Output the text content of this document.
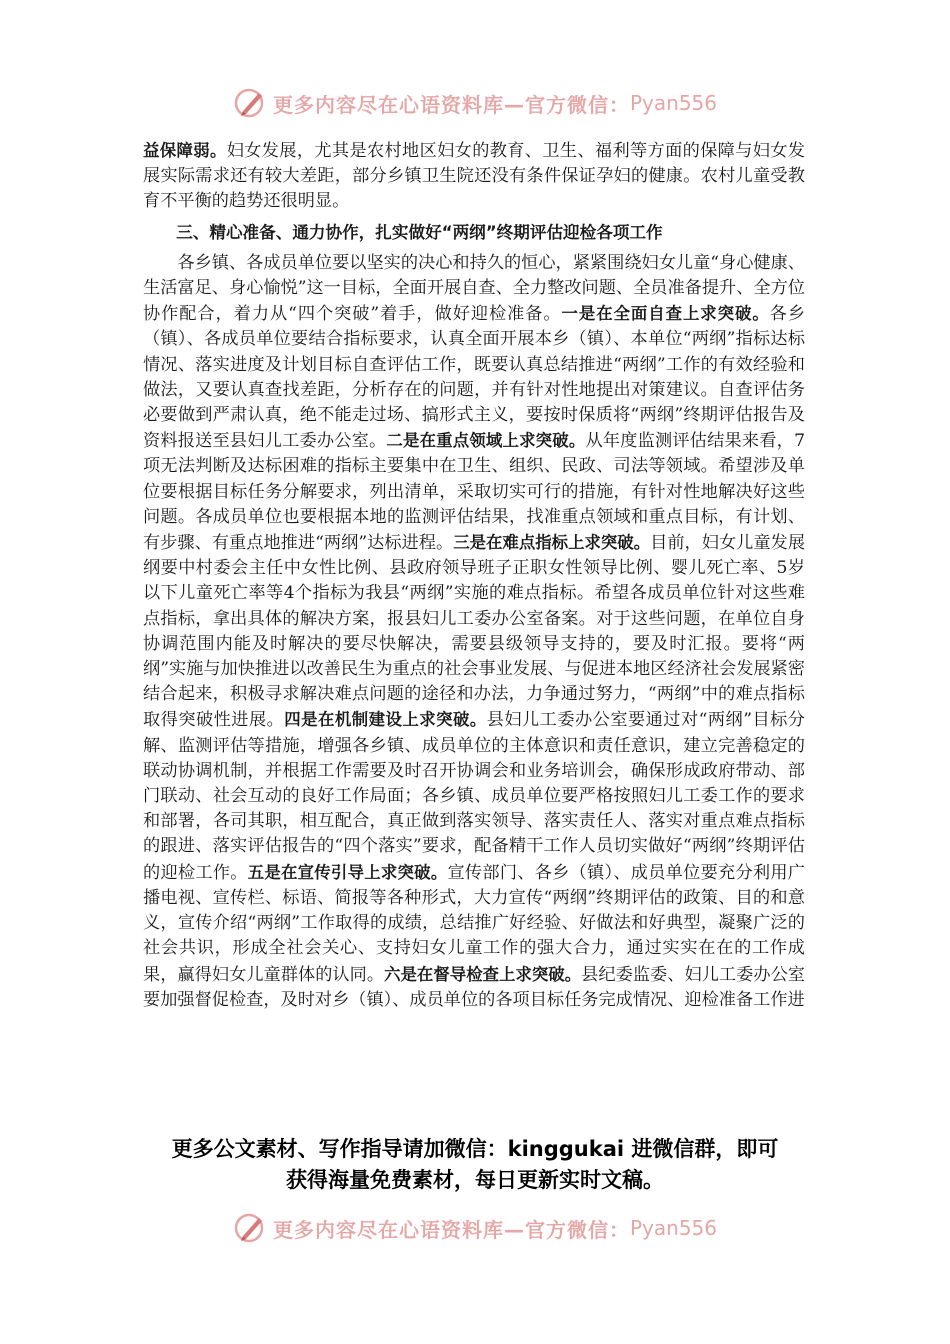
更多内容尽在心语资料库—官方微信： Pyan556

益保障弱。妇女发展，尤其是农村地区妇女的教育、卫生、福利等方面的保障与妇女发展实际需求还有较大差距，部分乡镇卫生院还没有条件保证孕妇的健康。农村儿童受教育不平衡的趋势还很明显。

三、精心准备、通力协作，扎实做好“两纲”终期评估迎检各项工作

各乡镇、各成员单位要以坚实的决心和持久的恒心，紧紧围绕妇女儿童“身心健康、生活富足、身心愉悦”这一目标，全面开展自查、全力整改问题、全员准备提升、全方位协作配合，着力从“四个突破”着手，做好迎检准备。一是在全面自查上求突破。各乡（镇）、各成员单位要结合指标要求，认真全面开展本乡（镇）、本单位“两纲”指标达标情况、落实进度及计划目标自查评估工作，既要认真总结推进“两纲”工作的有效经验和做法，又要认真查找差距，分析存在的问题，并有针对性地提出对策建议。自查评估务必要做到严肃认真，绝不能走过场、搞形式主义，要按时保质将“两纲”终期评估报告及资料报送至县妇儿工委办公室。二是在重点领域上求突破。从年度监测评估结果来看，7项无法判断及达标困难的指标主要集中在卫生、组织、民政、司法等领域。希望涉及单位要根据目标任务分解要求，列出清单，采取切实可行的措施，有针对性地解决好这些问题。各成员单位也要根据本地的监测评估结果，找准重点领域和重点目标，有计划、有步骤、有重点地推进“两纲”达标进程。三是在难点指标上求突破。目前，妇女儿童发展纲要中村委会主任中女性比例、县政府领导班子正职女性领导比例、婴儿死亡率、5岁以下儿童死亡率等4个指标为我县“两纲”实施的难点指标。希望各成员单位针对这些难点指标，拿出具体的解决方案，报县妇儿工委办公室备案。对于这些问题，在单位自身协调范围内能及时解决的要尽快解决，需要县级领导支持的，要及时汇报。要将“两纲”实施与加快推进以改善民生为重点的社会事业发展、与促进本地区经济社会发展紧密结合起来，积极寻求解决难点问题的途径和办法，力争通过努力，“两纲”中的难点指标取得突破性进展。四是在机制建设上求突破。县妇儿工委办公室要通过对“两纲”目标分解、监测评估等措施，增强各乡镇、成员单位的主体意识和责任意识，建立完善稳定的联动协调机制，并根据工作需要及时召开协调会和业务培训会，确保形成政府带动、部门联动、社会互动的良好工作局面；各乡镇、成员单位要严格按照妇儿工委工作的要求和部署，各司其职，相互配合，真正做到落实领导、落实责任人、落实对重点难点指标的跟进、落实评估报告的“四个落实”要求，配备精干工作人员切实做好“两纲”终期评估的迎检工作。五是在宣传引导上求突破。宣传部门、各乡（镇）、成员单位要充分利用广播电视、宣传栏、标语、简报等各种形式，大力宣传“两纲”终期评估的政策、目的和意义，宣传介绍“两纲”工作取得的成绩，总结推广好经验、好做法和好典型，凝聚广泛的社会共识，形成全社会关心、支持妇女儿童工作的强大合力，通过实实在在的工作成果，赢得妇女儿童群体的认同。六是在督导检查上求突破。县纪委监委、妇儿工委办公室要加强督促检查，及时对乡（镇）、成员单位的各项目标任务完成情况、迎检准备工作进

更多公文素材、写作指导请加微信：kinggukai 进微信群，即可
获得海量免费素材，每日更新实时文稿。
更多内容尽在心语资料库—官方微信： Pyan556
